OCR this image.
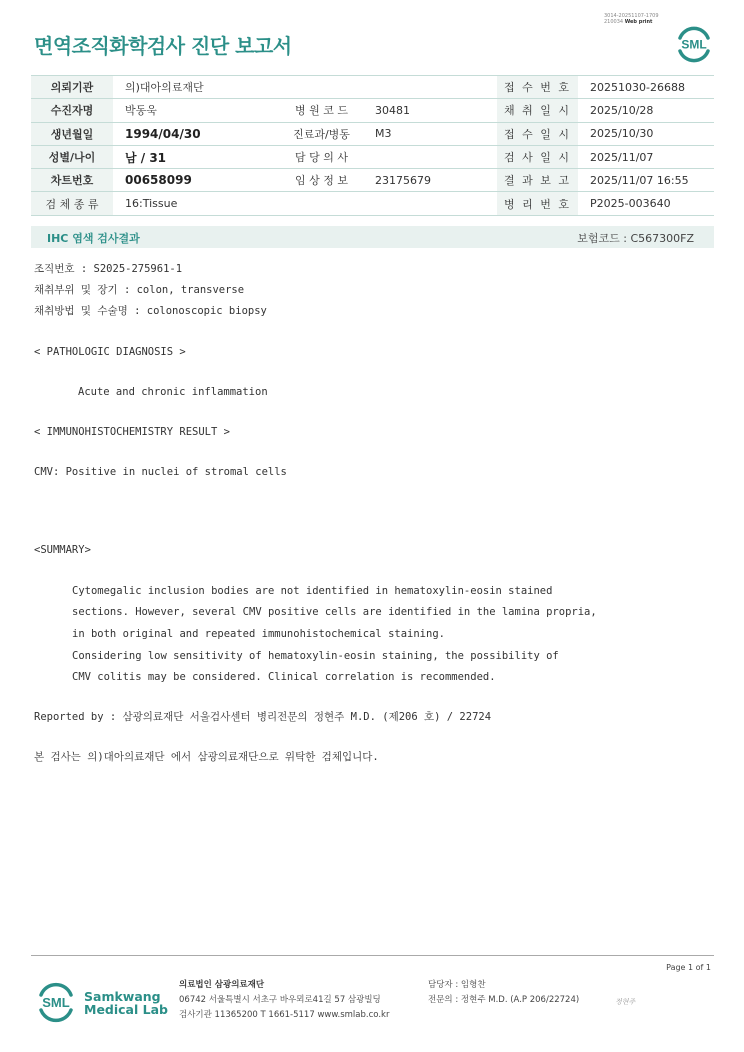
3014-20251107-1709
210034 Web print
면역조직화학검사 진단 보고서	SML
의뢰기관	의)대아의료재단			접 수 번 호	20251030-26688
수진자명	박동욱	병 원 코 드	30481	채 취 일 시	2025/10/28
생년월일	1994/04/30	진료과/병동	M3	접 수 일 시	2025/10/30
성별/나이	남 / 31	담 당 의 사		검 사 일 시	2025/11/07
차트번호	00658099	임 상 정 보	23175679	결 과 보 고	2025/11/07 16:55
검 체 종 류	16:Tissue			병 리 번 호	P2025-003640
IHC 염색 검사결과	보험코드 : C567300FZ
조직번호 : S2025-275961-1
채취부위 및 장기 : colon, transverse
채취방법 및 수술명 : colonoscopic biopsy
< PATHOLOGIC DIAGNOSIS >
Acute and chronic inflammation
< IMMUNOHISTOCHEMISTRY RESULT >
CMV: Positive in nuclei of stromal cells
<SUMMARY>
Cytomegalic inclusion bodies are not identified in hematoxylin-eosin stained
sections. However, several CMV positive cells are identified in the lamina propria,
in both original and repeated immunohistochemical staining.
Considering low sensitivity of hematoxylin-eosin staining, the possibility of
CMV colitis may be considered. Clinical correlation is recommended.
Reported by : 삼광의료재단 서울검사센터 병리전문의 정현주 M.D. (제206 호) / 22724
본 검사는 의)대아의료재단 에서 삼광의료재단으로 위탁한 검체입니다.
Page 1 of 1
SML Samkwang
Medical Lab
의료법인 삼광의료재단
06742 서울특별시 서초구 바우뫼로41길 57 삼광빌딩
검사기관 11365200 T 1661-5117 www.smlab.co.kr
담당자 : 임형찬
전문의 : 정현주 M.D. (A.P 206/22724)	정현주
